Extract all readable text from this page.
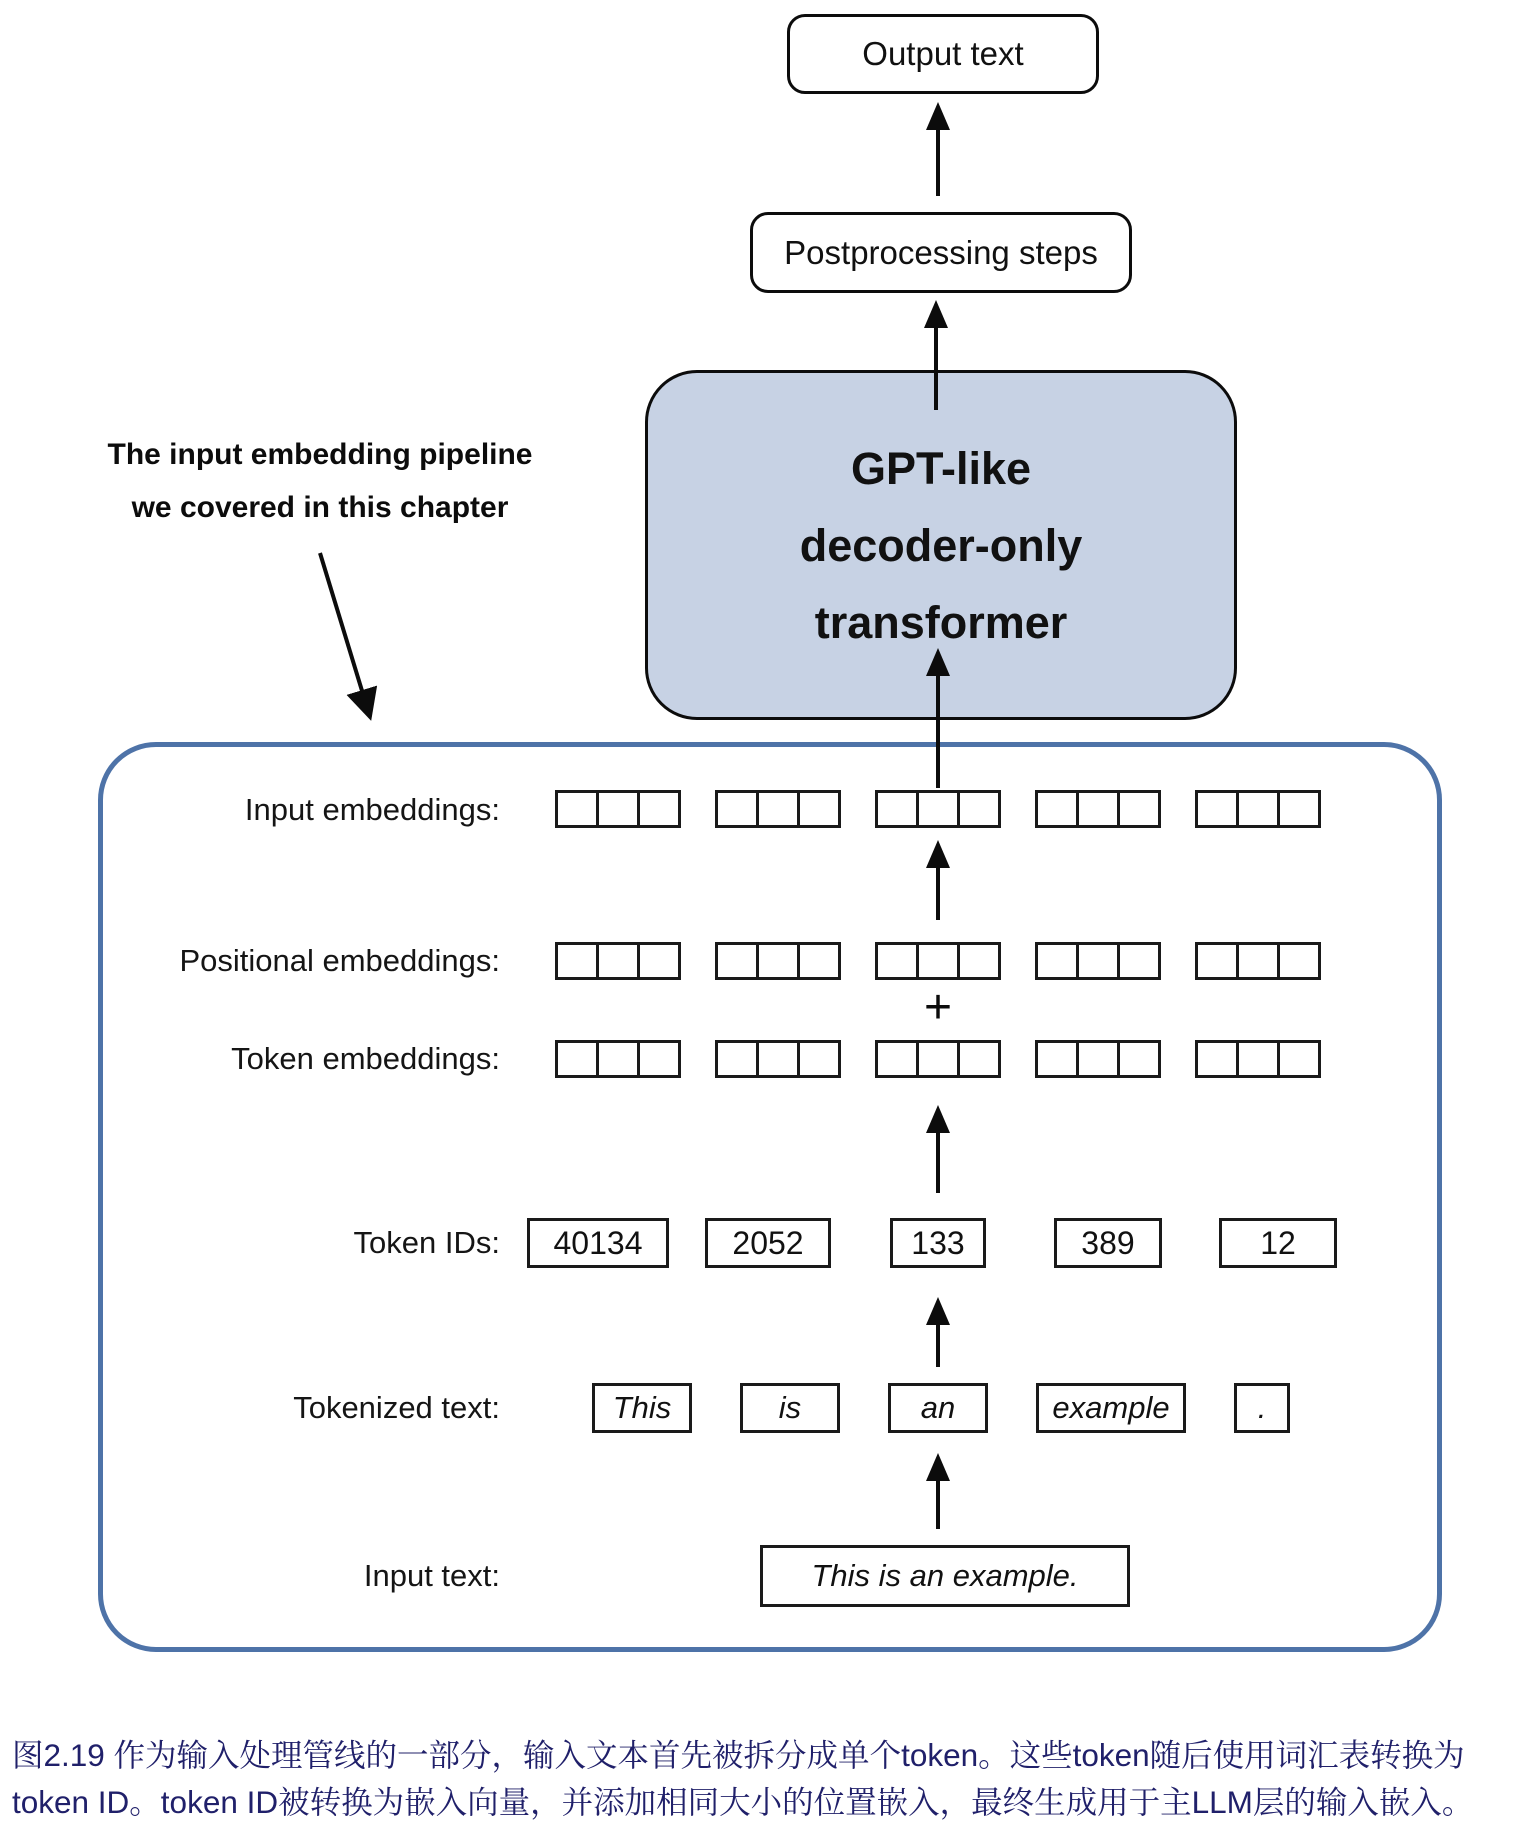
Output text
Postprocessing steps
GPT-like
decoder-only
transformer
The input embedding pipeline
we covered in this chapter
Input embeddings:
Positional embeddings:
Token embeddings:
Token IDs:
Tokenized text:
Input text:
+
40134	2052	133	389	12
This	is	an	example	.
This is an example.
图2.19 作为输入处理管线的一部分，输入文本首先被拆分成单个token。这些token随后使用词汇表转换为
token ID。token ID被转换为嵌入向量，并添加相同大小的位置嵌入，最终生成用于主LLM层的输入嵌入。
